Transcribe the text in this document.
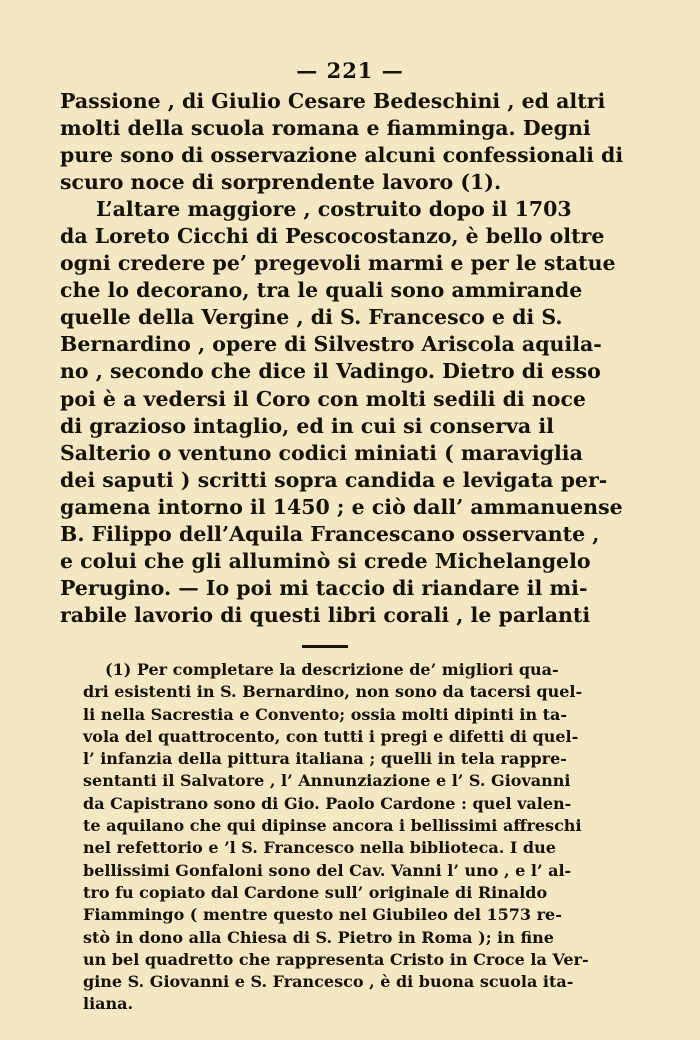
— 221 —
Passione , di Giulio Cesare Bedeschini , ed altri
molti della scuola romana e fiamminga. Degni
pure sono di osservazione alcuni confessionali di
scuro noce di sorprendente lavoro (1).
L’altare maggiore , costruito dopo il 1703
da Loreto Cicchi di Pescocostanzo, è bello oltre
ogni credere pe’ pregevoli marmi e per le statue
che lo decorano, tra le quali sono ammirande
quelle della Vergine , di S. Francesco e di S.
Bernardino , opere di Silvestro Ariscola aquila-
no , secondo che dice il Vadingo. Dietro di esso
poi è a vedersi il Coro con molti sedili di noce
di grazioso intaglio, ed in cui si conserva il
Salterio o ventuno codici miniati ( maraviglia
dei saputi ) scritti sopra candida e levigata per-
gamena intorno il 1450 ; e ciò dall’ ammanuense
B. Filippo dell’Aquila Francescano osservante ,
e colui che gli alluminò si crede Michelangelo
Perugino. — Io poi mi taccio di riandare il mi-
rabile lavorio di questi libri corali , le parlanti
(1) Per completare la descrizione de’ migliori qua-
dri esistenti in S. Bernardino, non sono da tacersi quel-
li nella Sacrestia e Convento; ossia molti dipinti in ta-
vola del quattrocento, con tutti i pregi e difetti di quel-
l’ infanzia della pittura italiana ; quelli in tela rappre-
sentanti il Salvatore , l’ Annunziazione e l’ S. Giovanni
da Capistrano sono di Gio. Paolo Cardone : quel valen-
te aquilano che qui dipinse ancora i bellissimi affreschi
nel refettorio e ’l S. Francesco nella biblioteca. I due
bellissimi Gonfaloni sono del Cav. Vanni l’ uno , e l’ al-
tro fu copiato dal Cardone sull’ originale di Rinaldo
Fiammingo ( mentre questo nel Giubileo del 1573 re-
stò in dono alla Chiesa di S. Pietro in Roma ); in fine
un bel quadretto che rappresenta Cristo in Croce la Ver-
gine S. Giovanni e S. Francesco , è di buona scuola ita-
liana.
